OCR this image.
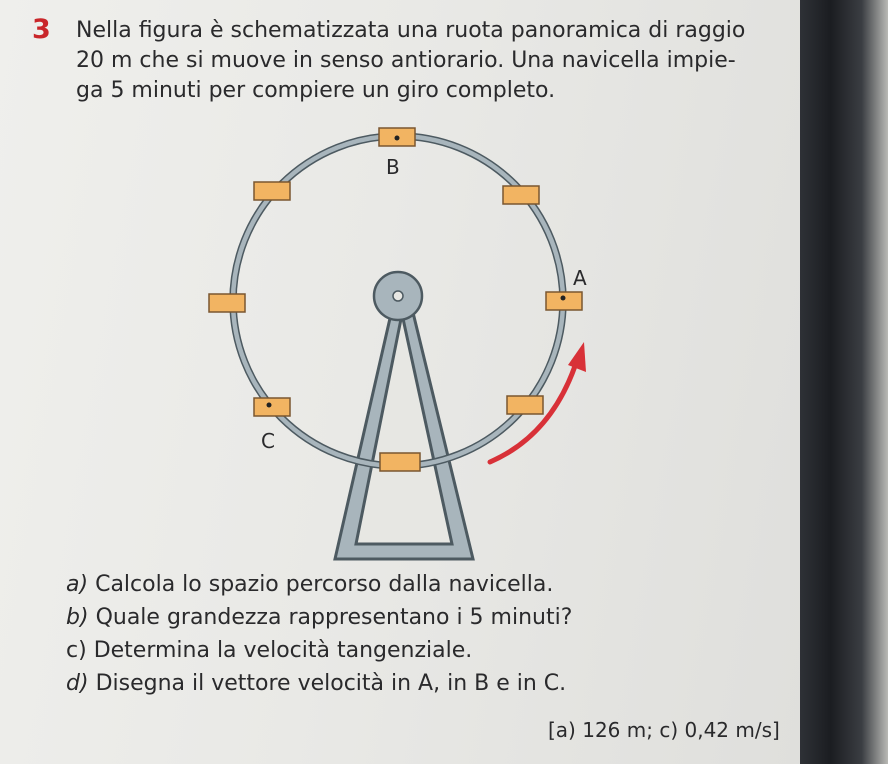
3 Nella figura è schematizzata una ruota panoramica di raggio
20 m che si muove in senso antiorario. Una navicella impie-
ga 5 minuti per compiere un giro completo.

B
A
C
a) Calcola lo spazio percorso dalla navicella.
b) Quale grandezza rappresentano i 5 minuti?
c) Determina la velocità tangenziale.
d) Disegna il vettore velocità in A, in B e in C.
[a) 126 m; c) 0,42 m/s]
